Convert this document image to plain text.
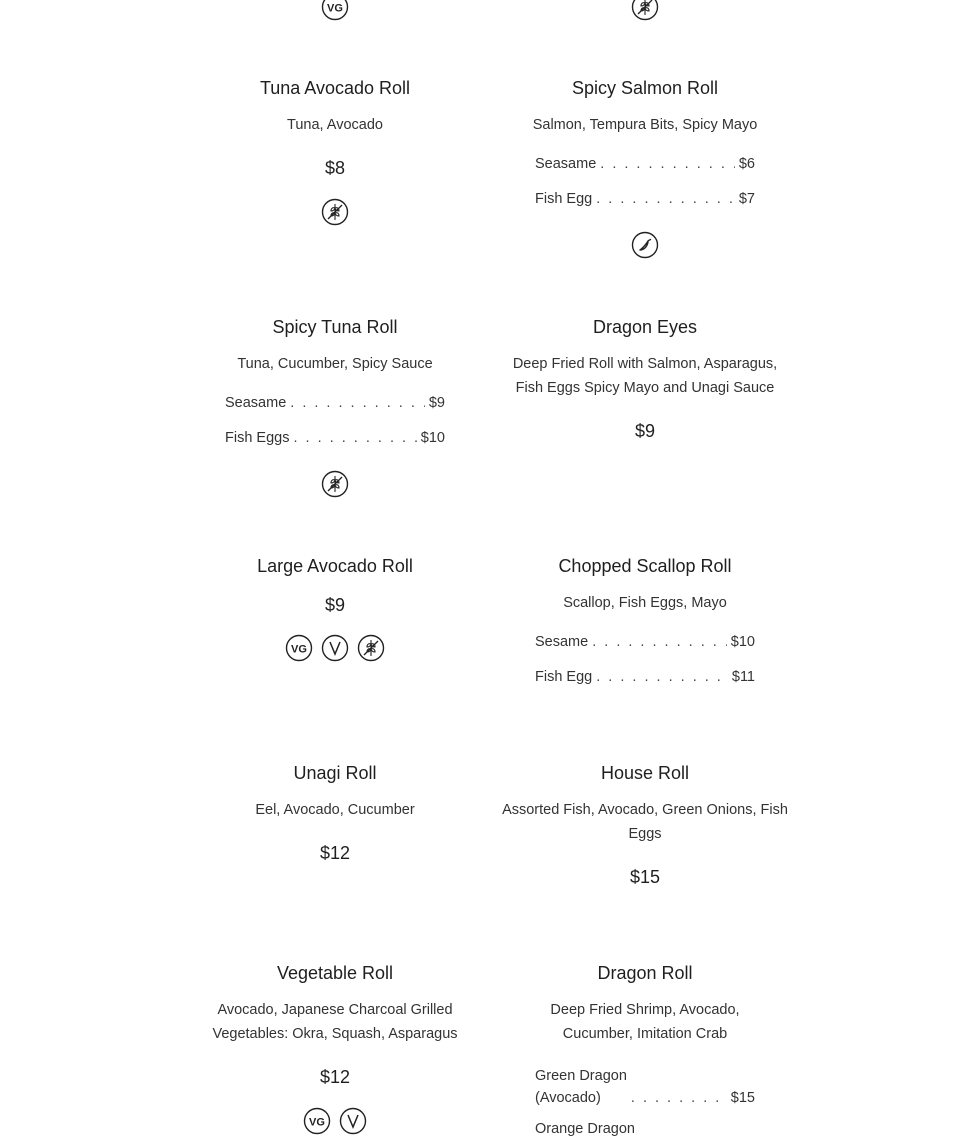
Tuna Avocado Roll
Tuna, Avocado
$8
Spicy Salmon Roll
Salmon, Tempura Bits, Spicy Mayo
Seasame . . .	$6
Fish Egg . . .	$7
Spicy Tuna Roll
Tuna, Cucumber, Spicy Sauce
Seasame . . .	$9
Fish Eggs . . .	$10
Dragon Eyes
Deep Fried Roll with Salmon, Asparagus, Fish Eggs Spicy Mayo and Unagi Sauce
$9
Large Avocado Roll
$9
Chopped Scallop Roll
Scallop, Fish Eggs, Mayo
Sesame . . .	$10
Fish Egg . . .	$11
Unagi Roll
Eel, Avocado, Cucumber
$12
House Roll
Assorted Fish, Avocado, Green Onions, Fish Eggs
$15
Vegetable Roll
Avocado, Japanese Charcoal Grilled Vegetables: Okra, Squash, Asparagus
$12
Dragon Roll
Deep Fried Shrimp, Avocado, Cucumber, Imitation Crab
Green Dragon
(Avocado) . . .	$15
Orange Dragon
